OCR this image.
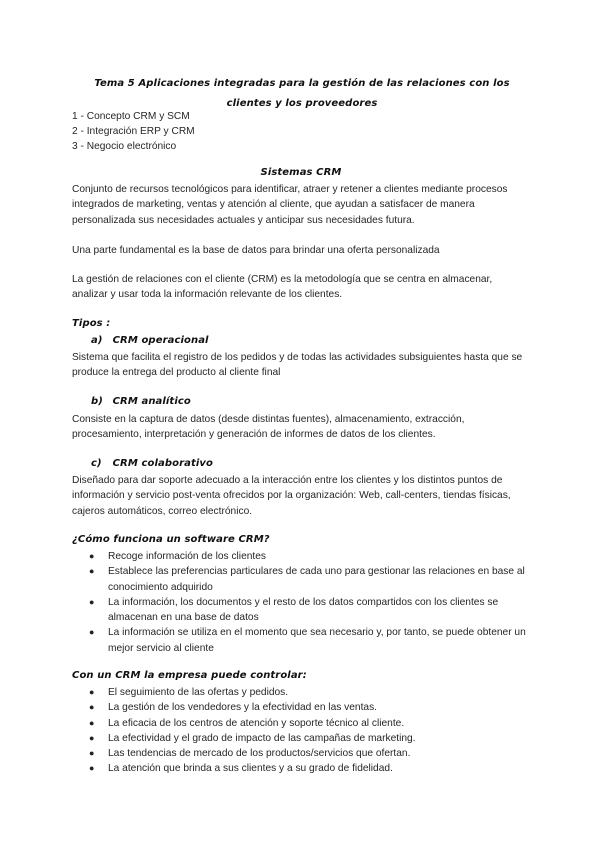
Tema 5 Aplicaciones integradas para la gestión de las relaciones con los clientes y los proveedores
1 - Concepto CRM y SCM
2 - Integración ERP y CRM
3 - Negocio electrónico
Sistemas CRM
Conjunto de recursos tecnológicos para identificar, atraer y retener a clientes mediante procesos integrados de marketing, ventas y atención al cliente, que ayudan a satisfacer de manera personalizada sus necesidades actuales y anticipar sus necesidades futura.
Una parte fundamental es la base de datos para brindar una oferta personalizada
La gestión de relaciones con el cliente (CRM) es la metodología que se centra en almacenar, analizar y usar toda la información relevante de los clientes.
Tipos :
a) CRM operacional
Sistema que facilita el registro de los pedidos y de todas las actividades subsiguientes hasta que se produce la entrega del producto al cliente final
b) CRM analítico
Consiste en la captura de datos (desde distintas fuentes), almacenamiento, extracción, procesamiento, interpretación y generación de informes de datos de los clientes.
c) CRM colaborativo
Diseñado para dar soporte adecuado a la interacción entre los clientes y los distintos puntos de información y servicio post-venta ofrecidos por la organización: Web, call-centers, tiendas físicas, cajeros automáticos, correo electrónico.
¿Cómo funciona un software CRM?
● Recoge información de los clientes
● Establece las preferencias particulares de cada uno para gestionar las relaciones en base al conocimiento adquirido
● La información, los documentos y el resto de los datos compartidos con los clientes se almacenan en una base de datos
● La información se utiliza en el momento que sea necesario y, por tanto, se puede obtener un mejor servicio al cliente
Con un CRM la empresa puede controlar:
● El seguimiento de las ofertas y pedidos.
● La gestión de los vendedores y la efectividad en las ventas.
● La eficacia de los centros de atención y soporte técnico al cliente.
● La efectividad y el grado de impacto de las campañas de marketing.
● Las tendencias de mercado de los productos/servicios que ofertan.
● La atención que brinda a sus clientes y a su grado de fidelidad.
